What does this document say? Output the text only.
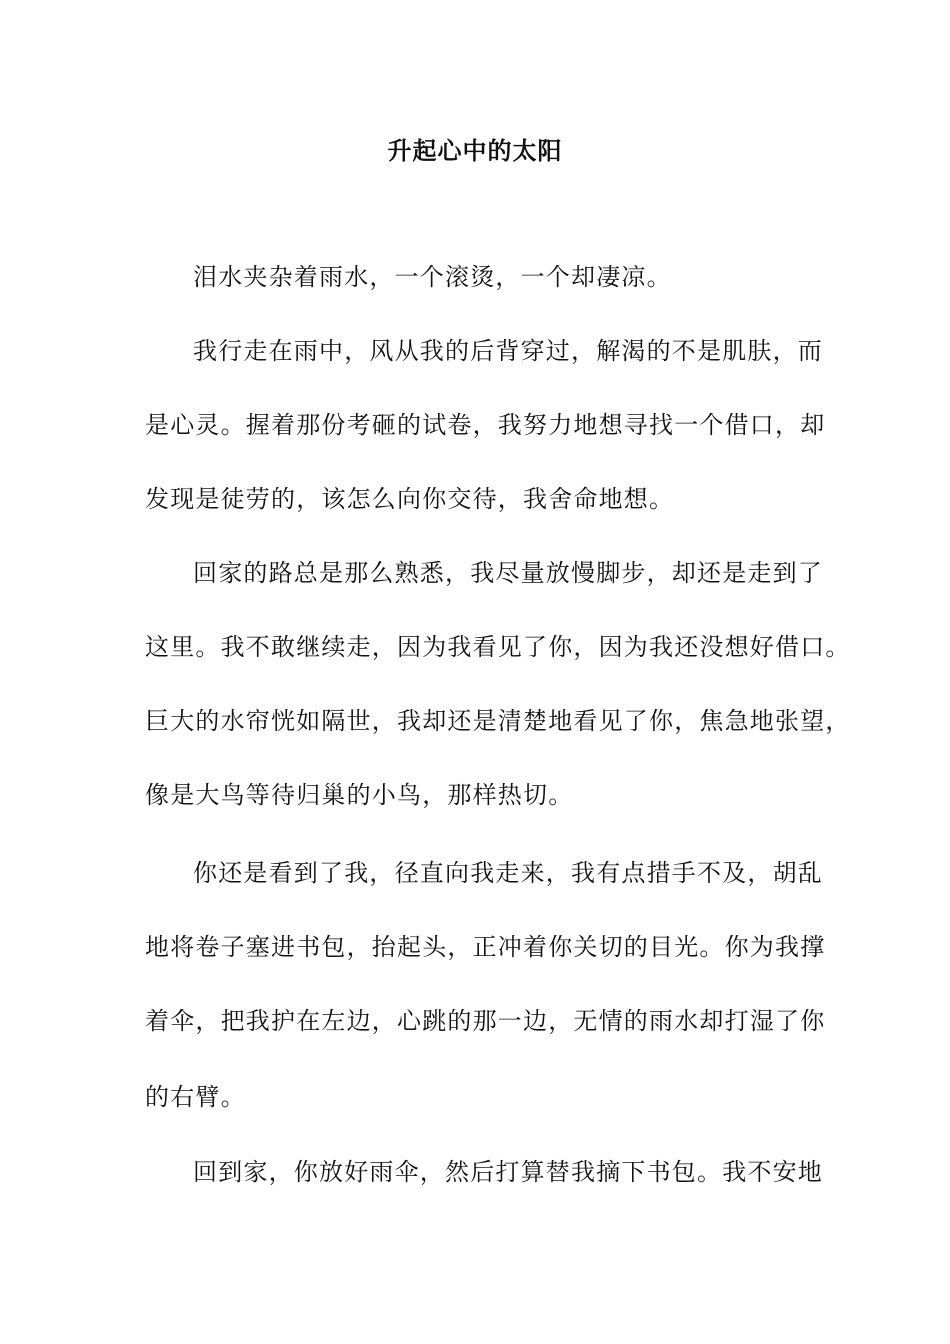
升起心中的太阳
泪水夹杂着雨水，一个滚烫，一个却凄凉。
我行走在雨中，风从我的后背穿过，解渴的不是肌肤，而
是心灵。握着那份考砸的试卷，我努力地想寻找一个借口，却
发现是徒劳的，该怎么向你交待，我舍命地想。
回家的路总是那么熟悉，我尽量放慢脚步，却还是走到了
这里。我不敢继续走，因为我看见了你，因为我还没想好借口。
巨大的水帘恍如隔世，我却还是清楚地看见了你，焦急地张望，
像是大鸟等待归巢的小鸟，那样热切。
你还是看到了我，径直向我走来，我有点措手不及，胡乱
地将卷子塞进书包，抬起头，正冲着你关切的目光。你为我撑
着伞，把我护在左边，心跳的那一边，无情的雨水却打湿了你
的右臂。
回到家，你放好雨伞，然后打算替我摘下书包。我不安地
